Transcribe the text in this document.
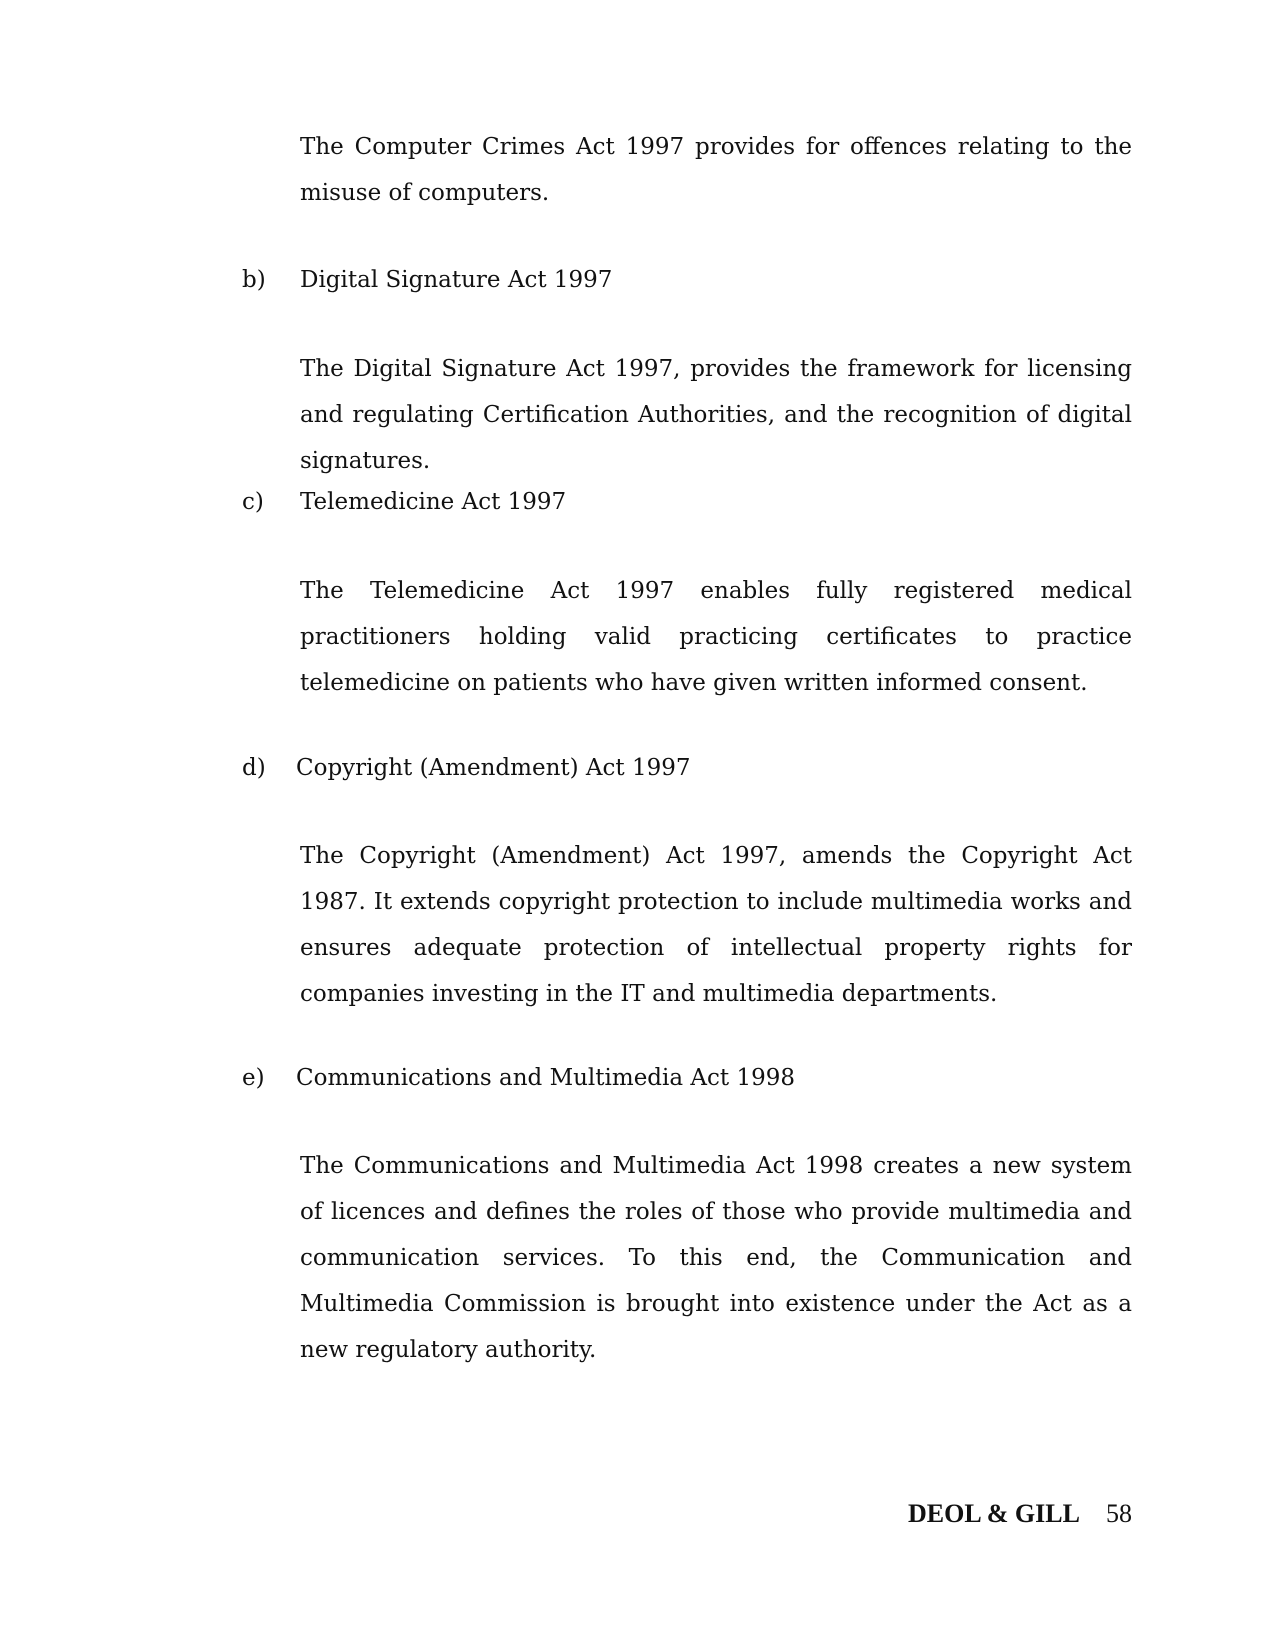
The Computer Crimes Act 1997 provides for offences relating to the misuse of computers.

b) Digital Signature Act 1997

The Digital Signature Act 1997, provides the framework for licensing and regulating Certification Authorities, and the recognition of digital signatures.

c) Telemedicine Act 1997

The Telemedicine Act 1997 enables fully registered medical practitioners holding valid practicing certificates to practice telemedicine on patients who have given written informed consent.

d) Copyright (Amendment) Act 1997

The Copyright (Amendment) Act 1997, amends the Copyright Act 1987. It extends copyright protection to include multimedia works and ensures adequate protection of intellectual property rights for companies investing in the IT and multimedia departments.

e) Communications and Multimedia Act 1998

The Communications and Multimedia Act 1998 creates a new system of licences and defines the roles of those who provide multimedia and communication services. To this end, the Communication and Multimedia Commission is brought into existence under the Act as a new regulatory authority.

DEOL & GILL 58
